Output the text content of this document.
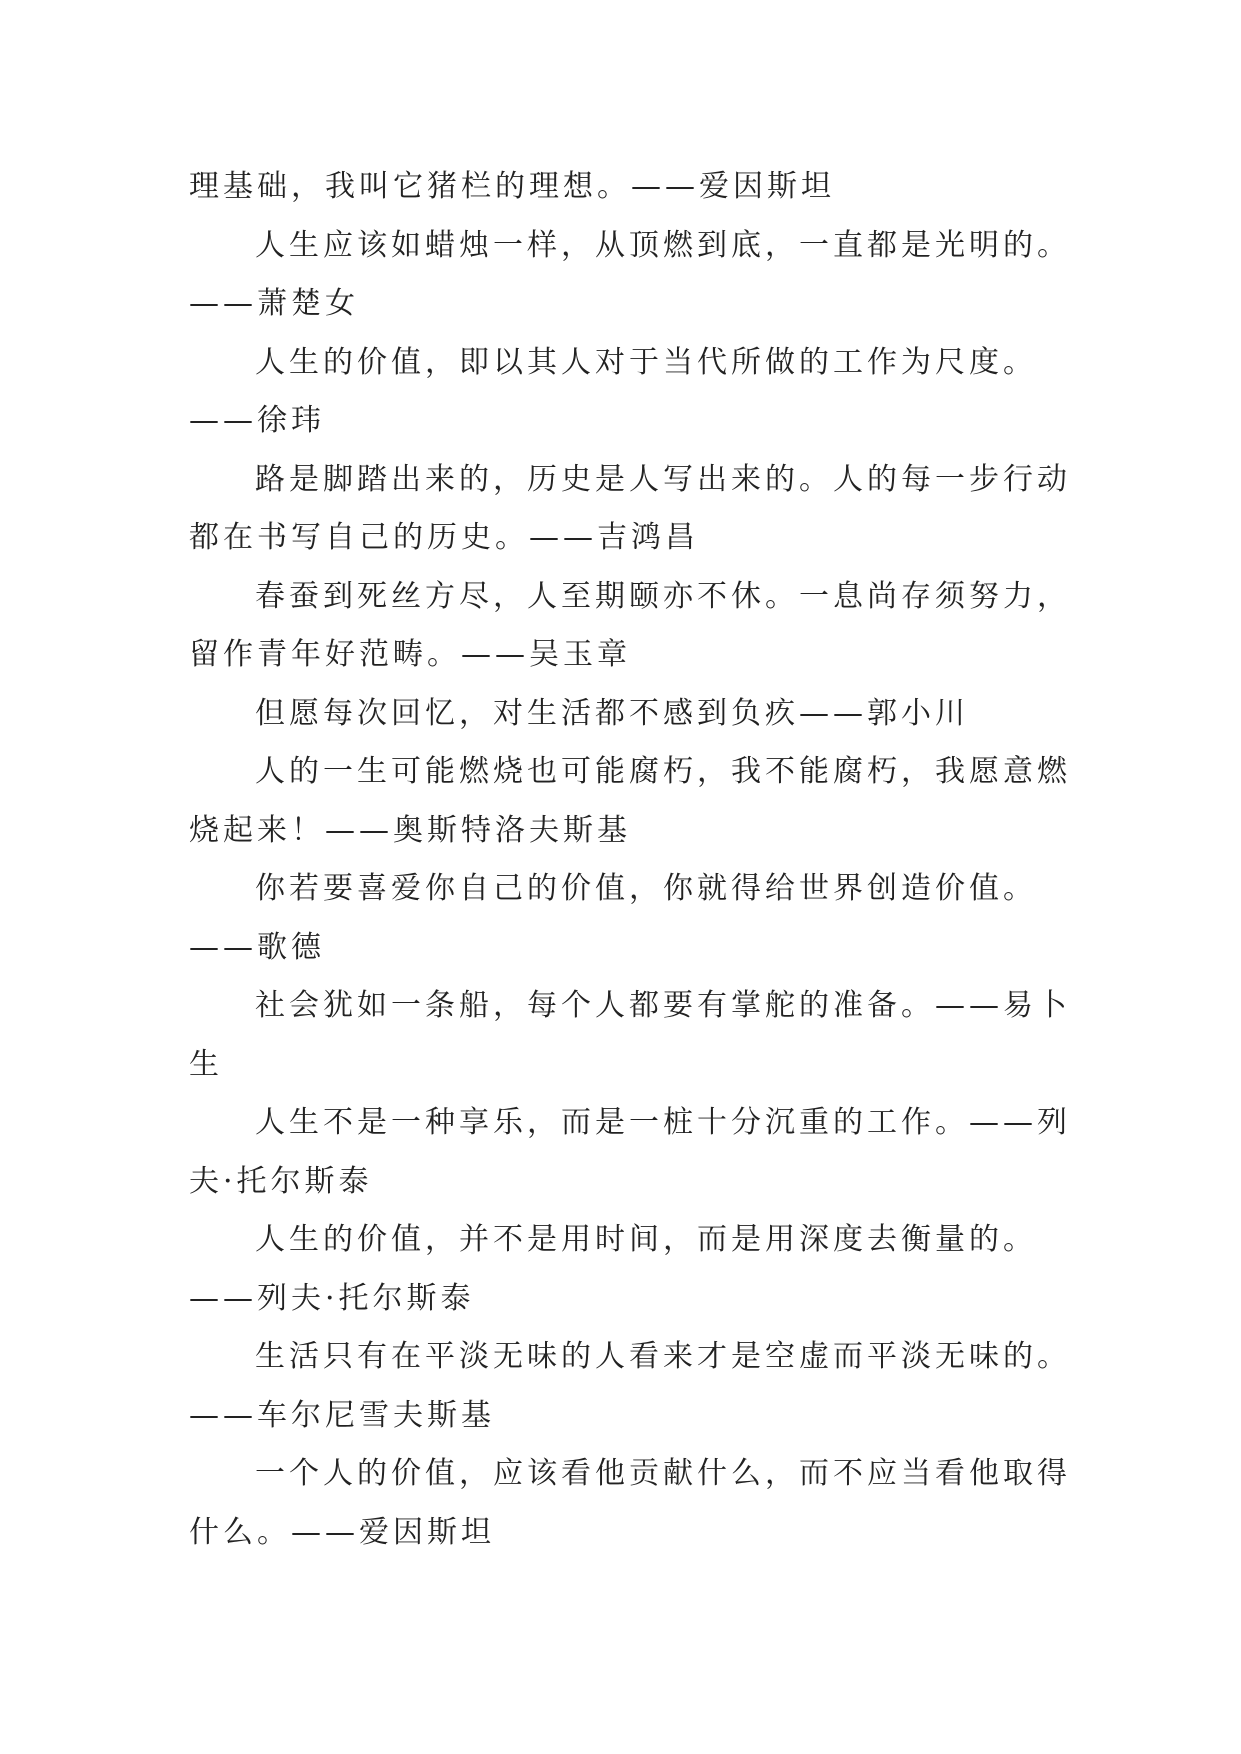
理基础，我叫它猪栏的理想。——爱因斯坦

人生应该如蜡烛一样，从顶燃到底，一直都是光明的。
——萧楚女

人生的价值，即以其人对于当代所做的工作为尺度。
——徐玮

路是脚踏出来的，历史是人写出来的。人的每一步行动
都在书写自己的历史。——吉鸿昌

春蚕到死丝方尽，人至期颐亦不休。一息尚存须努力，
留作青年好范畴。——吴玉章

但愿每次回忆，对生活都不感到负疚——郭小川

人的一生可能燃烧也可能腐朽，我不能腐朽，我愿意燃
烧起来！——奥斯特洛夫斯基

你若要喜爱你自己的价值，你就得给世界创造价值。
——歌德

社会犹如一条船，每个人都要有掌舵的准备。——易卜
生

人生不是一种享乐，而是一桩十分沉重的工作。——列
夫·托尔斯泰

人生的价值，并不是用时间，而是用深度去衡量的。
——列夫·托尔斯泰

生活只有在平淡无味的人看来才是空虚而平淡无味的。
——车尔尼雪夫斯基

一个人的价值，应该看他贡献什么，而不应当看他取得
什么。——爱因斯坦
